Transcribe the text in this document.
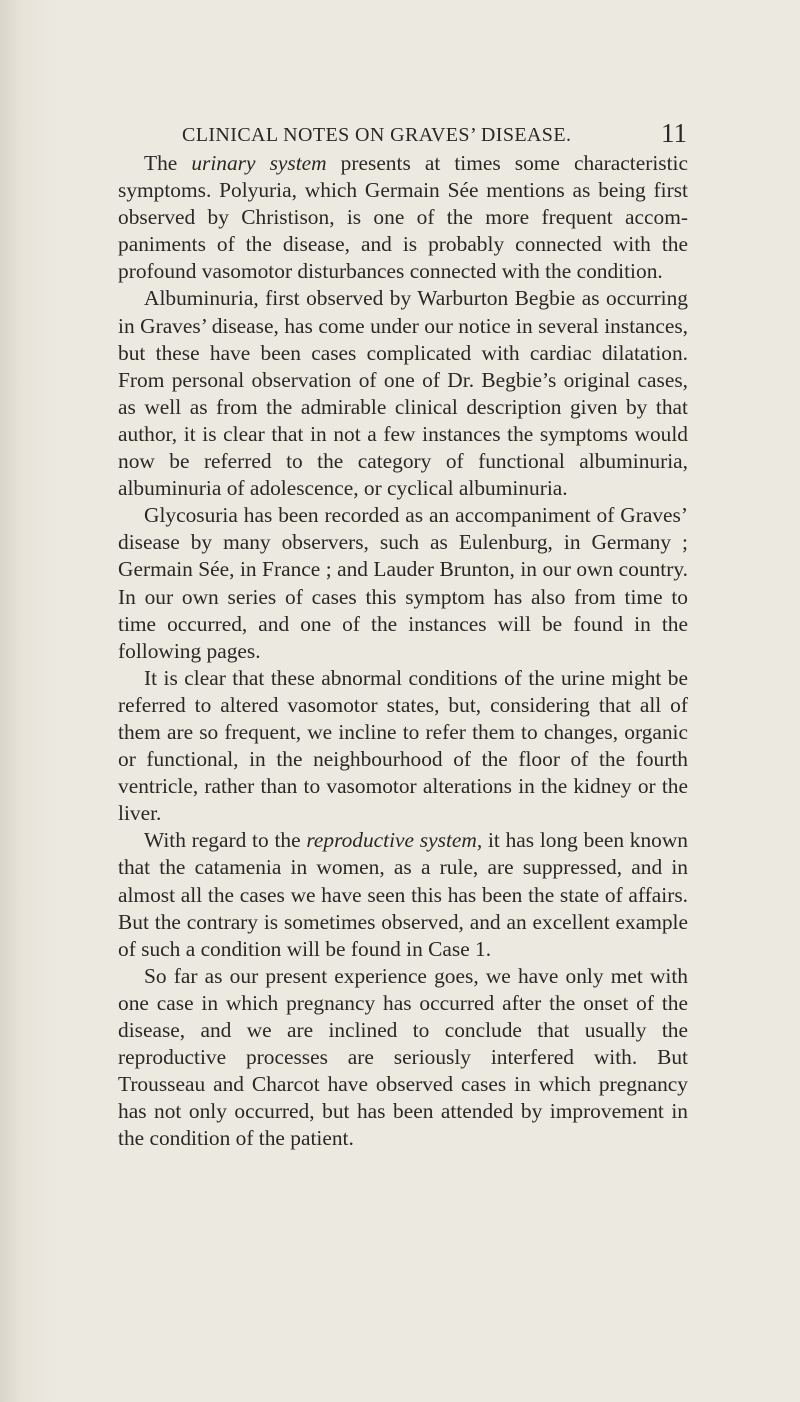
CLINICAL NOTES ON GRAVES’ DISEASE.	11

The urinary system presents at times some characteristic symptoms. Polyuria, which Germain Sée mentions as being first observed by Christison, is one of the more frequent accompaniments of the disease, and is probably connected with the profound vasomotor disturbances connected with the condition.

Albuminuria, first observed by Warburton Begbie as occurring in Graves’ disease, has come under our notice in several instances, but these have been cases complicated with cardiac dilatation. From personal observation of one of Dr. Begbie’s original cases, as well as from the admirable clinical description given by that author, it is clear that in not a few instances the symptoms would now be referred to the category of functional albuminuria, albuminuria of adolescence, or cyclical albuminuria.

Glycosuria has been recorded as an accompaniment of Graves’ disease by many observers, such as Eulenburg, in Germany ; Germain Sée, in France ; and Lauder Brunton, in our own country. In our own series of cases this symptom has also from time to time occurred, and one of the instances will be found in the following pages.

It is clear that these abnormal conditions of the urine might be referred to altered vasomotor states, but, considering that all of them are so frequent, we incline to refer them to changes, organic or functional, in the neighbourhood of the floor of the fourth ventricle, rather than to vasomotor alterations in the kidney or the liver.

With regard to the reproductive system, it has long been known that the catamenia in women, as a rule, are suppressed, and in almost all the cases we have seen this has been the state of affairs. But the contrary is sometimes observed, and an excellent example of such a condition will be found in Case 1.

So far as our present experience goes, we have only met with one case in which pregnancy has occurred after the onset of the disease, and we are inclined to conclude that usually the reproductive processes are seriously interfered with. But Trousseau and Charcot have observed cases in which pregnancy has not only occurred, but has been attended by improvement in the condition of the patient.
